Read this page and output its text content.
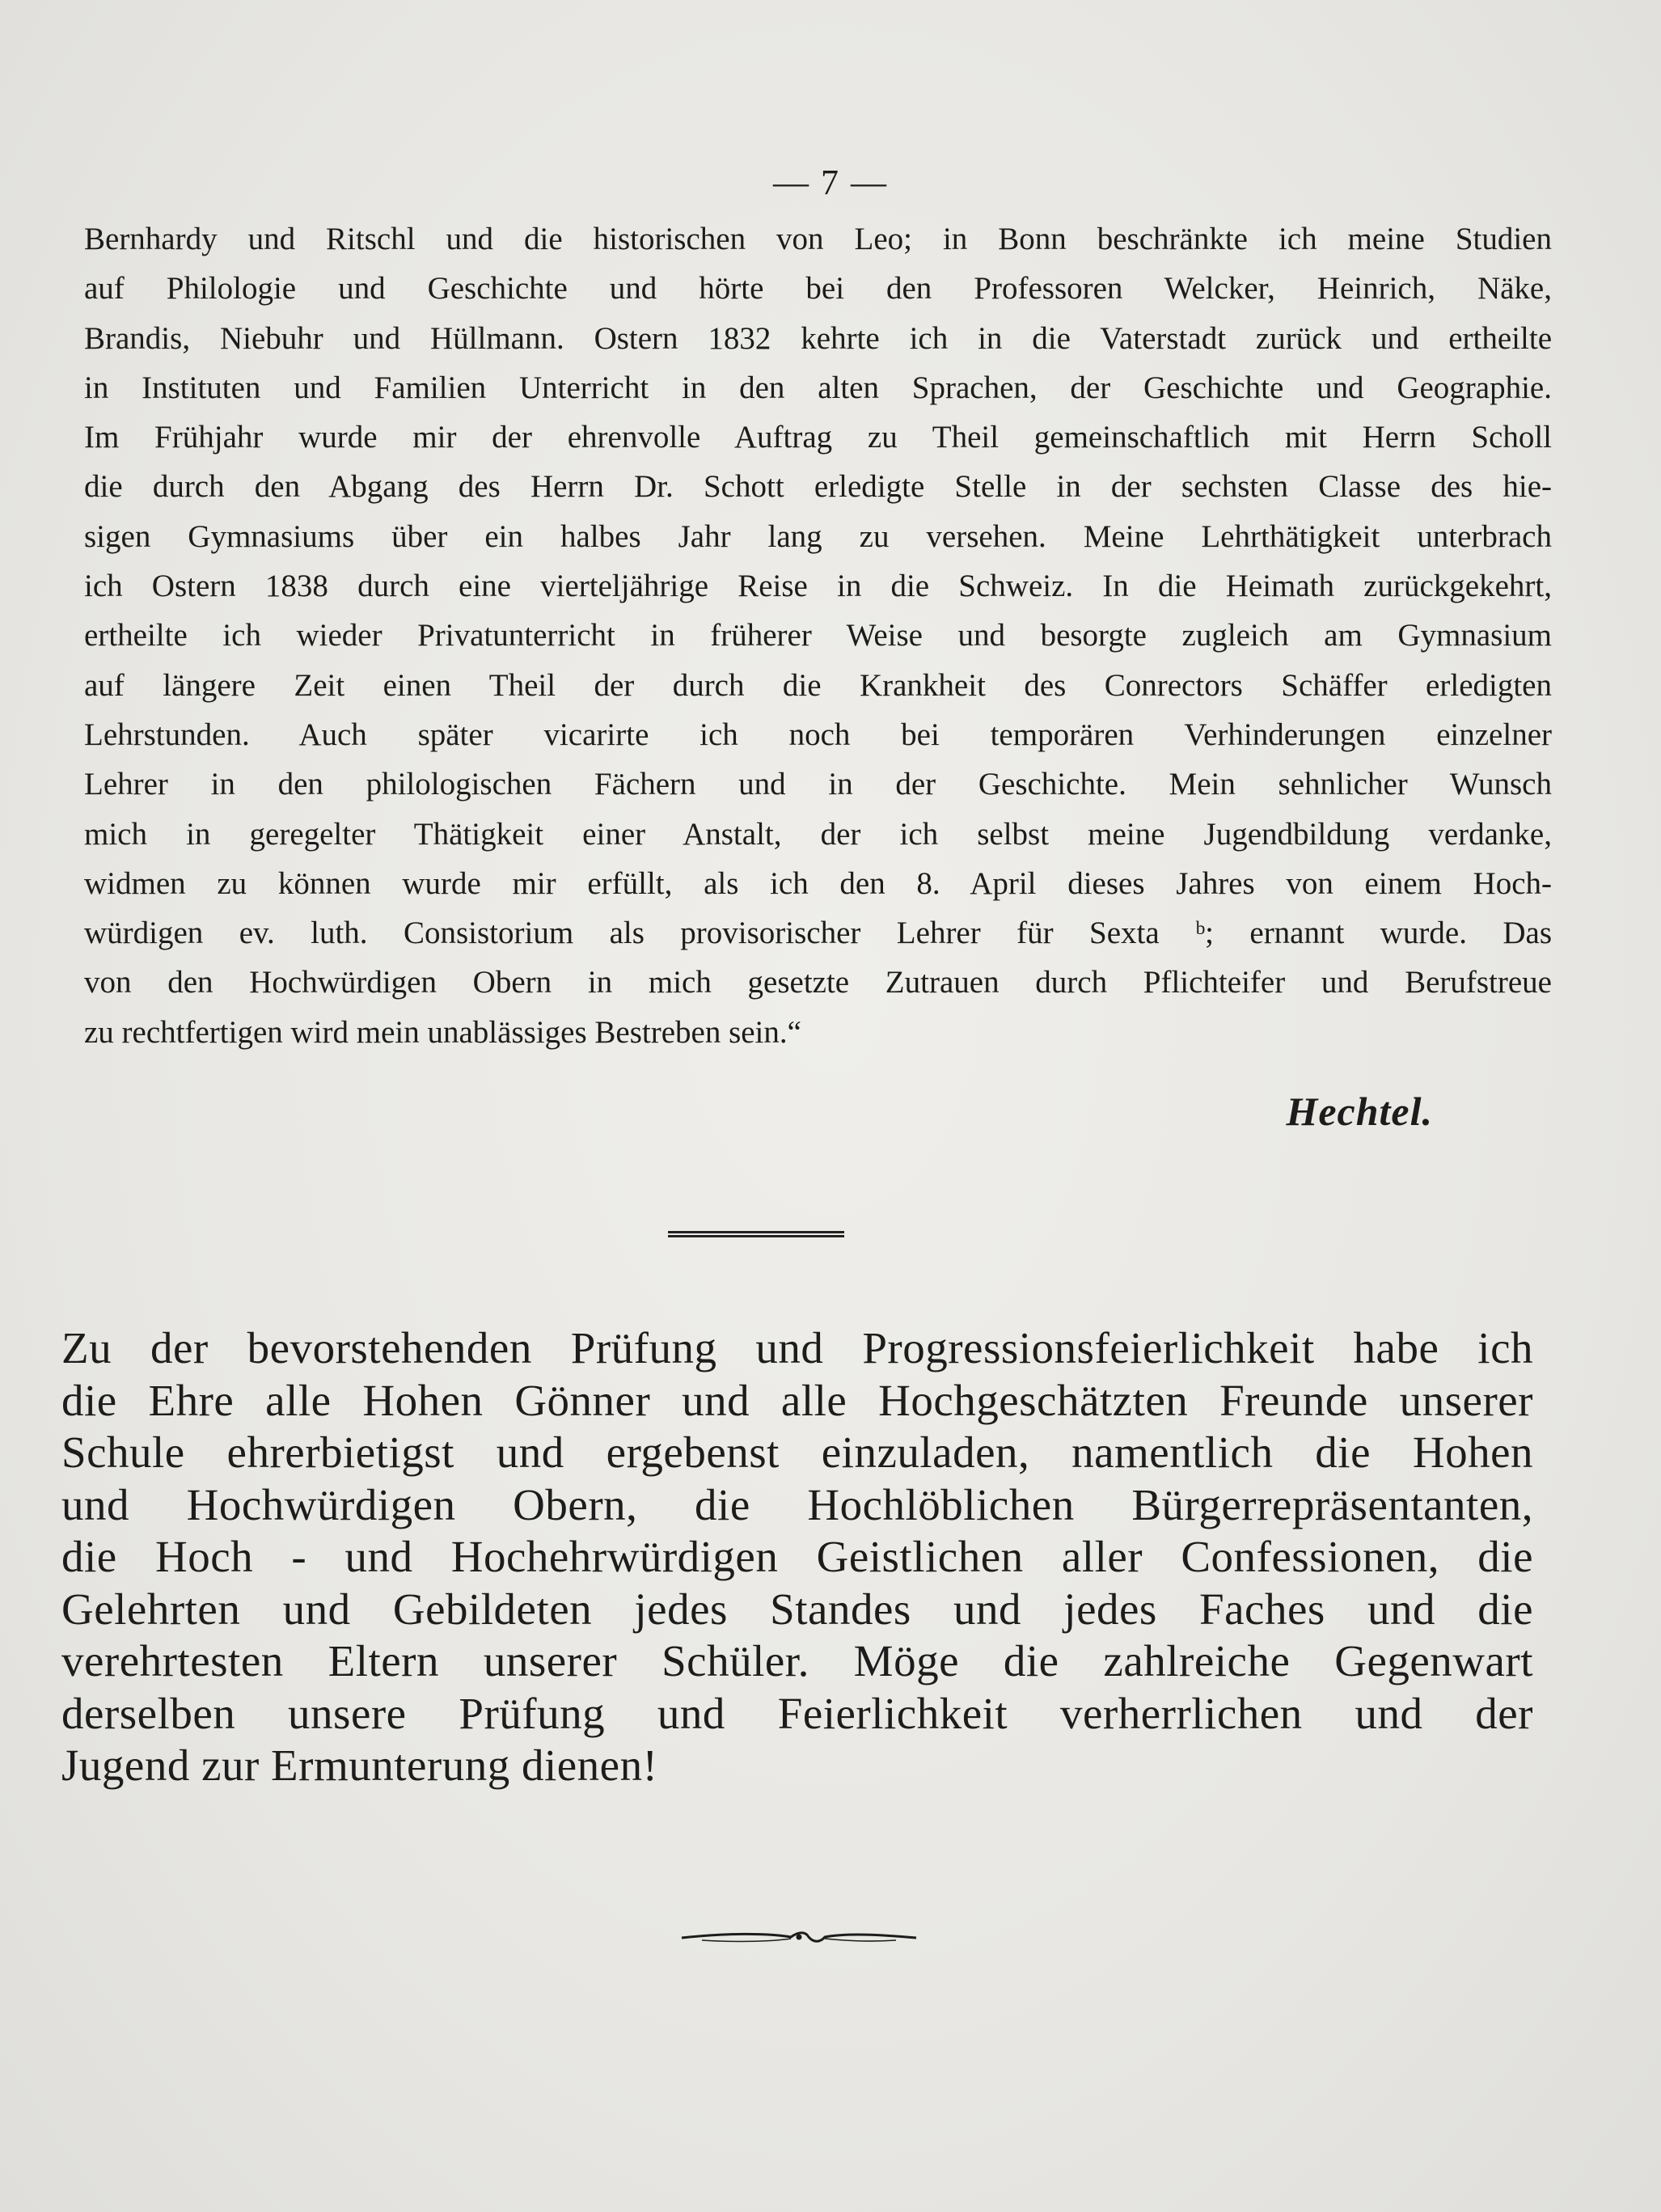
— 7 —
Bernhardy und Ritschl und die historischen von Leo; in Bonn beschränkte ich meine Studien
auf Philologie und Geschichte und hörte bei den Professoren Welcker, Heinrich, Näke,
Brandis, Niebuhr und Hüllmann. Ostern 1832 kehrte ich in die Vaterstadt zurück und ertheilte
in Instituten und Familien Unterricht in den alten Sprachen, der Geschichte und Geographie.
Im Frühjahr wurde mir der ehrenvolle Auftrag zu Theil gemeinschaftlich mit Herrn Scholl
die durch den Abgang des Herrn Dr. Schott erledigte Stelle in der sechsten Classe des hie-
sigen Gymnasiums über ein halbes Jahr lang zu versehen. Meine Lehrthätigkeit unterbrach
ich Ostern 1838 durch eine vierteljährige Reise in die Schweiz. In die Heimath zurückgekehrt,
ertheilte ich wieder Privatunterricht in früherer Weise und besorgte zugleich am Gymnasium
auf längere Zeit einen Theil der durch die Krankheit des Conrectors Schäffer erledigten
Lehrstunden. Auch später vicarirte ich noch bei temporären Verhinderungen einzelner
Lehrer in den philologischen Fächern und in der Geschichte. Mein sehnlicher Wunsch
mich in geregelter Thätigkeit einer Anstalt, der ich selbst meine Jugendbildung verdanke,
widmen zu können wurde mir erfüllt, als ich den 8. April dieses Jahres von einem Hoch-
würdigen ev. luth. Consistorium als provisorischer Lehrer für Sexta ᵇ; ernannt wurde. Das
von den Hochwürdigen Obern in mich gesetzte Zutrauen durch Pflichteifer und Berufstreue
zu rechtfertigen wird mein unablässiges Bestreben sein.“
Hechtel.
Zu der bevorstehenden Prüfung und Progressionsfeierlichkeit habe ich
die Ehre alle Hohen Gönner und alle Hochgeschätzten Freunde unserer
Schule ehrerbietigst und ergebenst einzuladen, namentlich die Hohen
und Hochwürdigen Obern, die Hochlöblichen Bürgerrepräsentanten,
die Hoch - und Hochehrwürdigen Geistlichen aller Confessionen, die
Gelehrten und Gebildeten jedes Standes und jedes Faches und die
verehrtesten Eltern unserer Schüler. Möge die zahlreiche Gegenwart
derselben unsere Prüfung und Feierlichkeit verherrlichen und der
Jugend zur Ermunterung dienen!
